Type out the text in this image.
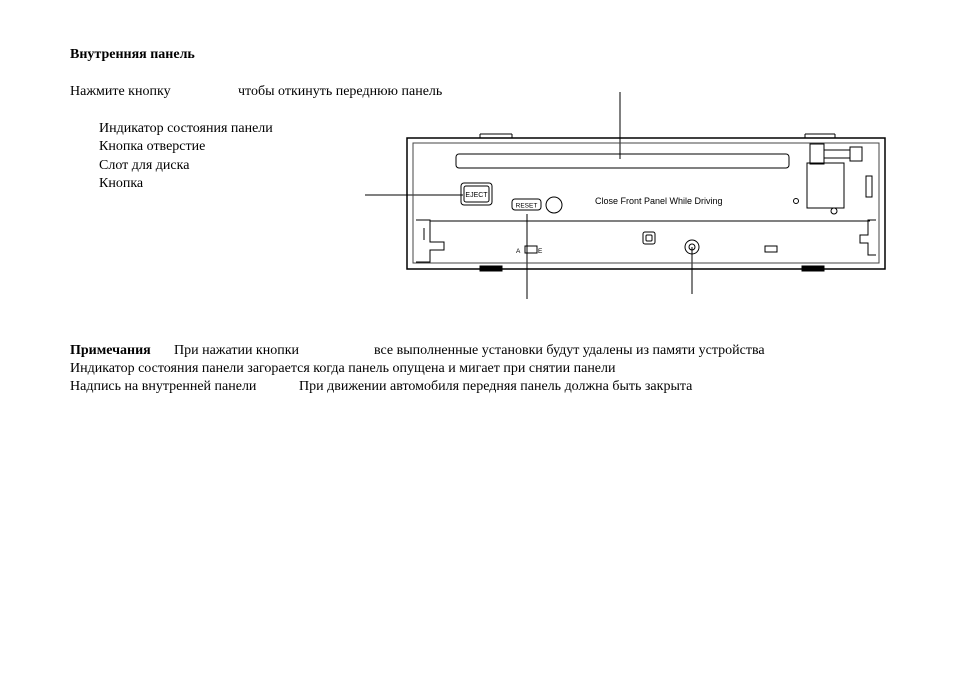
Внутренняя панель
Нажмите кнопку	чтобы откинуть переднюю панель
Индикатор состояния панели
Кнопка отверстие
Слот для диска
Кнопка
EJECT
RESET	Close Front Panel While Driving
A	E
Примечания При нажатии кнопки	все выполненные установки будут удалены из памяти устройства
Индикатор состояния панели загорается когда панель опущена и мигает при снятии панели
Надпись на внутренней панели	При движении автомобиля передняя панель должна быть закрыта
